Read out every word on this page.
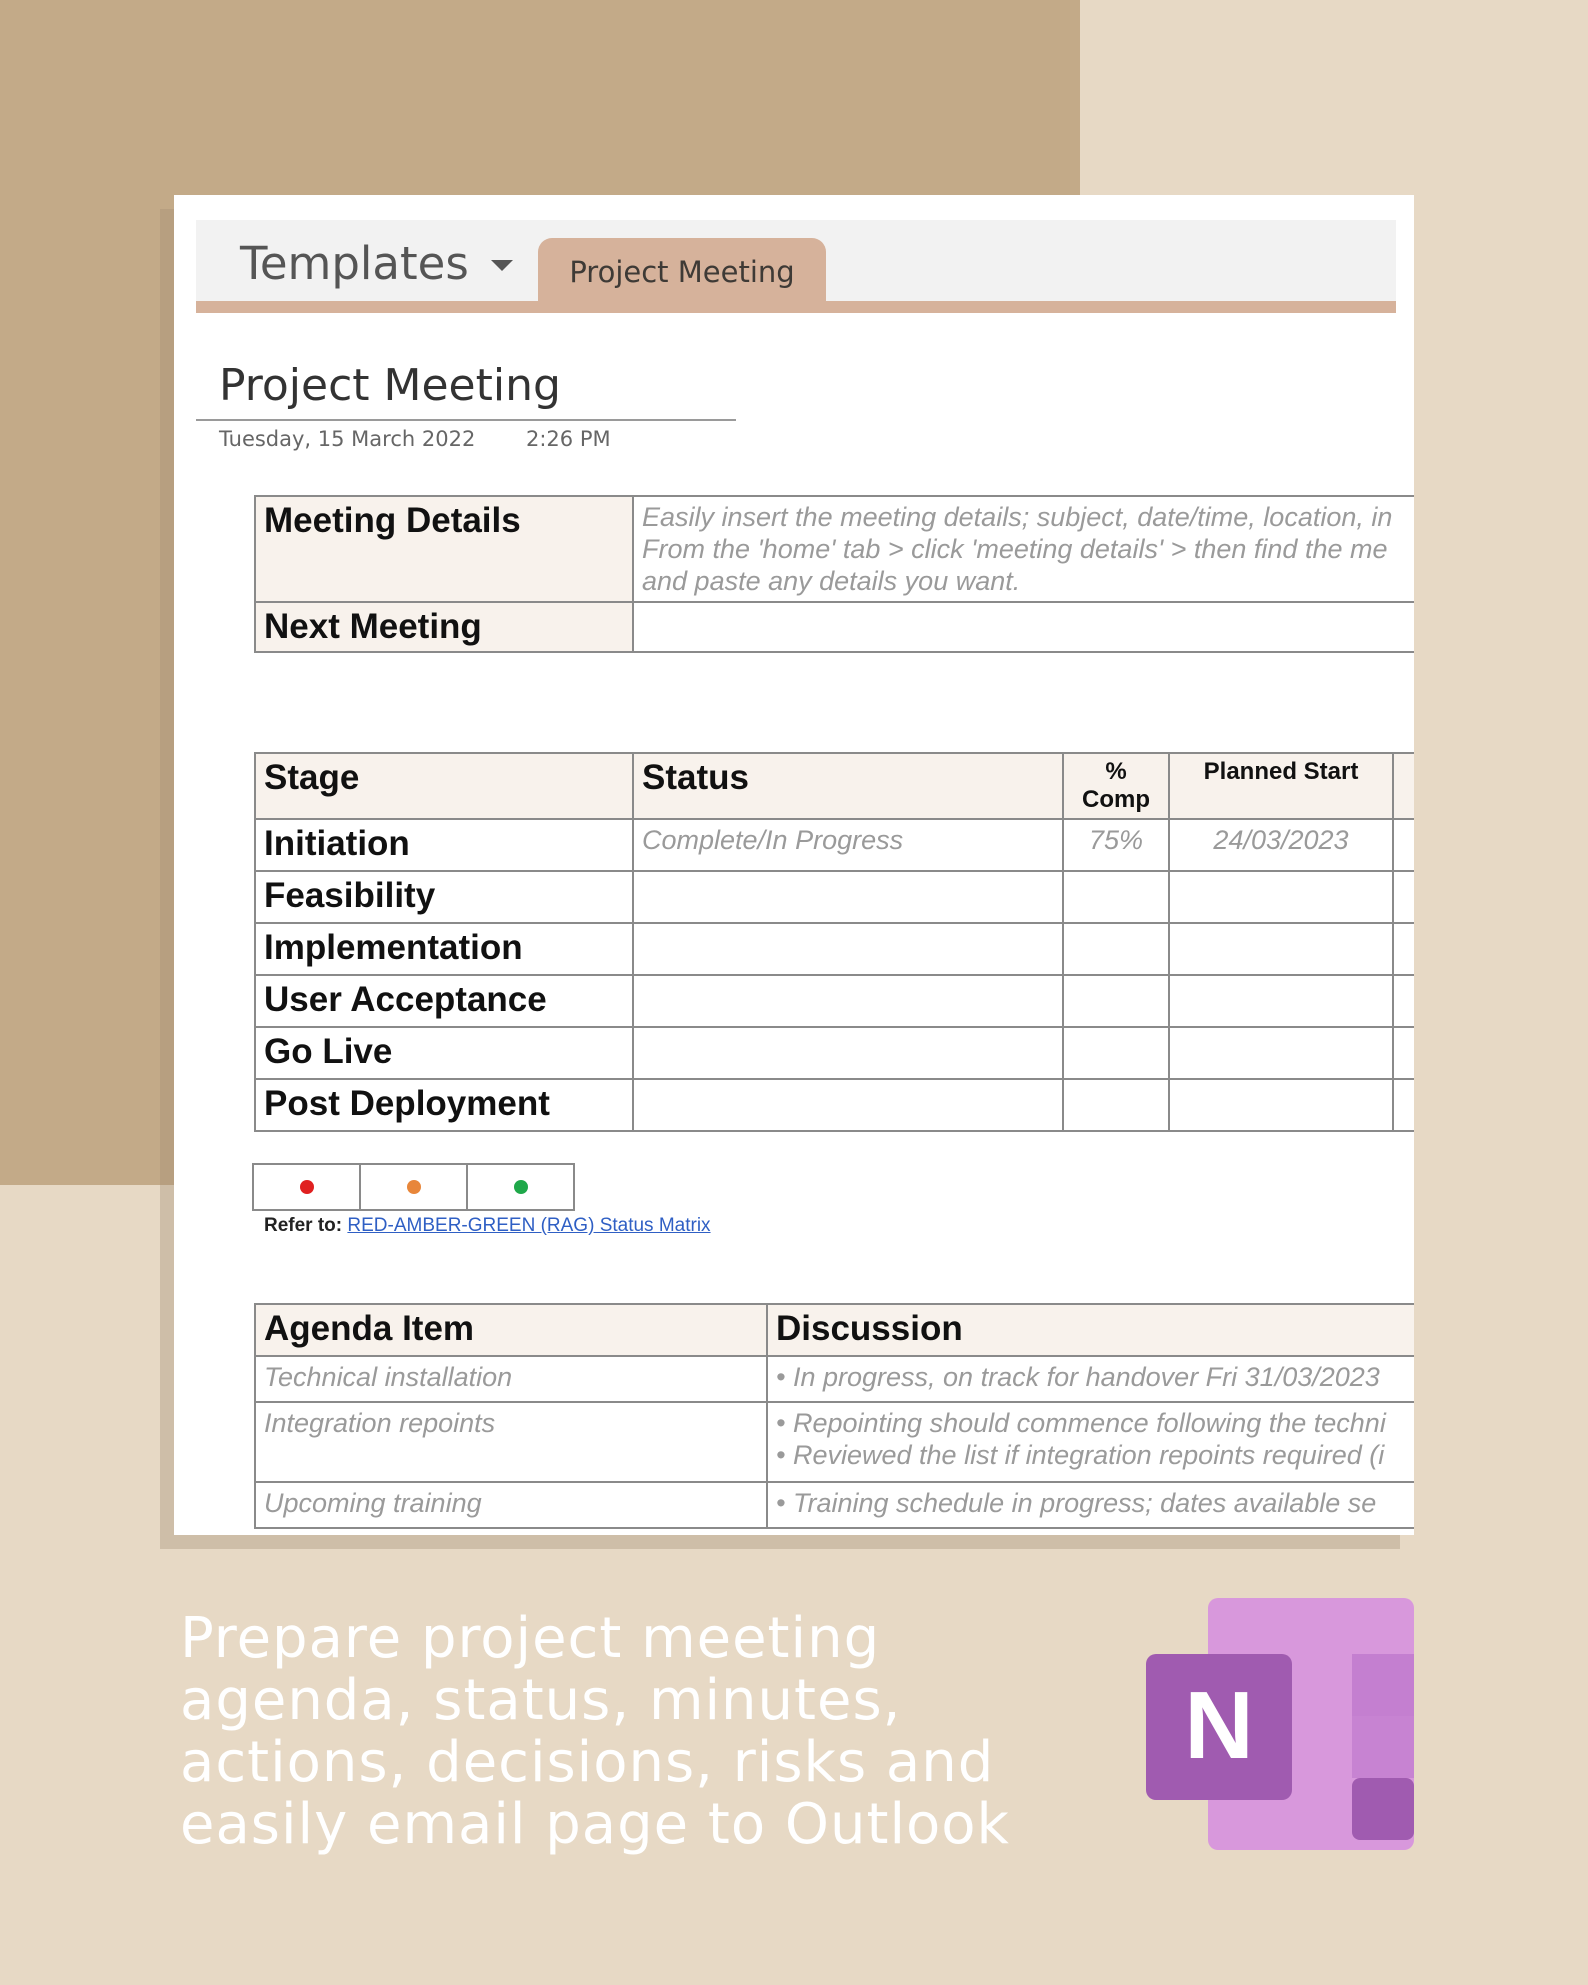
Templates	Project Meeting
Project Meeting
Tuesday, 15 March 2022 2:26 PM
Meeting Details	Easily insert the meeting details; subject, date/time, location, in From the 'home' tab > click 'meeting details' > then find the me and paste any details you want.
Next Meeting	
Stage	Status	% Comp	Planned Start	
Initiation	Complete/In Progress	75%	24/03/2023	
Feasibility				
Implementation				
User Acceptance				
Go Live				
Post Deployment				
Refer to: RED-AMBER-GREEN (RAG) Status Matrix
Agenda Item	Discussion
Technical installation	• In progress, on track for handover Fri 31/03/2023
Integration repoints	• Repointing should commence following the techni
• Reviewed the list if integration repoints required (i
Upcoming training	• Training schedule in progress; dates available se
Prepare project meeting agenda, status, minutes, actions, decisions, risks and easily email page to Outlook
N
